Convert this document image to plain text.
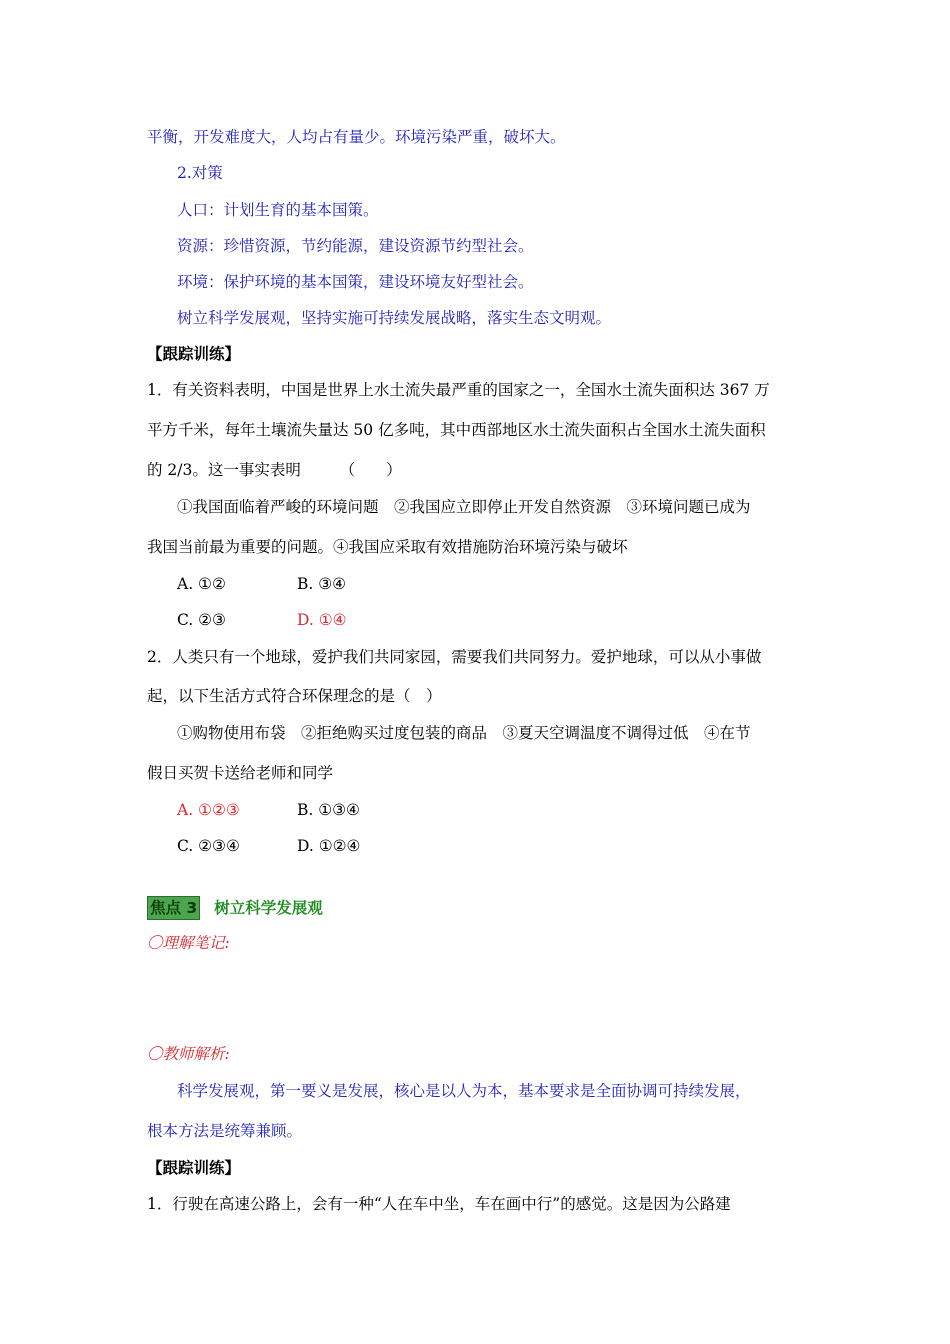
平衡，开发难度大，人均占有量少。环境污染严重，破坏大。
2.对策
人口：计划生育的基本国策。
资源：珍惜资源，节约能源，建设资源节约型社会。
环境：保护环境的基本国策，建设环境友好型社会。
树立科学发展观，坚持实施可持续发展战略，落实生态文明观。
【跟踪训练】
1．有关资料表明，中国是世界上水土流失最严重的国家之一，全国水土流失面积达 367 万
平方千米，每年土壤流失量达 50 亿多吨，其中西部地区水土流失面积占全国水土流失面积
的 2/3。这一事实表明　　　（　　）
①我国面临着严峻的环境问题　②我国应立即停止开发自然资源　③环境问题已成为
我国当前最为重要的问题。④我国应采取有效措施防治环境污染与破坏
A. ①②	B. ③④
C. ②③	D. ①④
2．人类只有一个地球，爱护我们共同家园，需要我们共同努力。爱护地球，可以从小事做
起，以下生活方式符合环保理念的是（　）
①购物使用布袋　②拒绝购买过度包装的商品　③夏天空调温度不调得过低　④在节
假日买贺卡送给老师和同学
A. ①②③	B. ①③④
C. ②③④	D. ①②④
焦点 3 树立科学发展观
〇理解笔记:
〇教师解析:
科学发展观，第一要义是发展，核心是以人为本，基本要求是全面协调可持续发展，
根本方法是统筹兼顾。
【跟踪训练】
1．行驶在高速公路上，会有一种“人在车中坐，车在画中行”的感觉。这是因为公路建
